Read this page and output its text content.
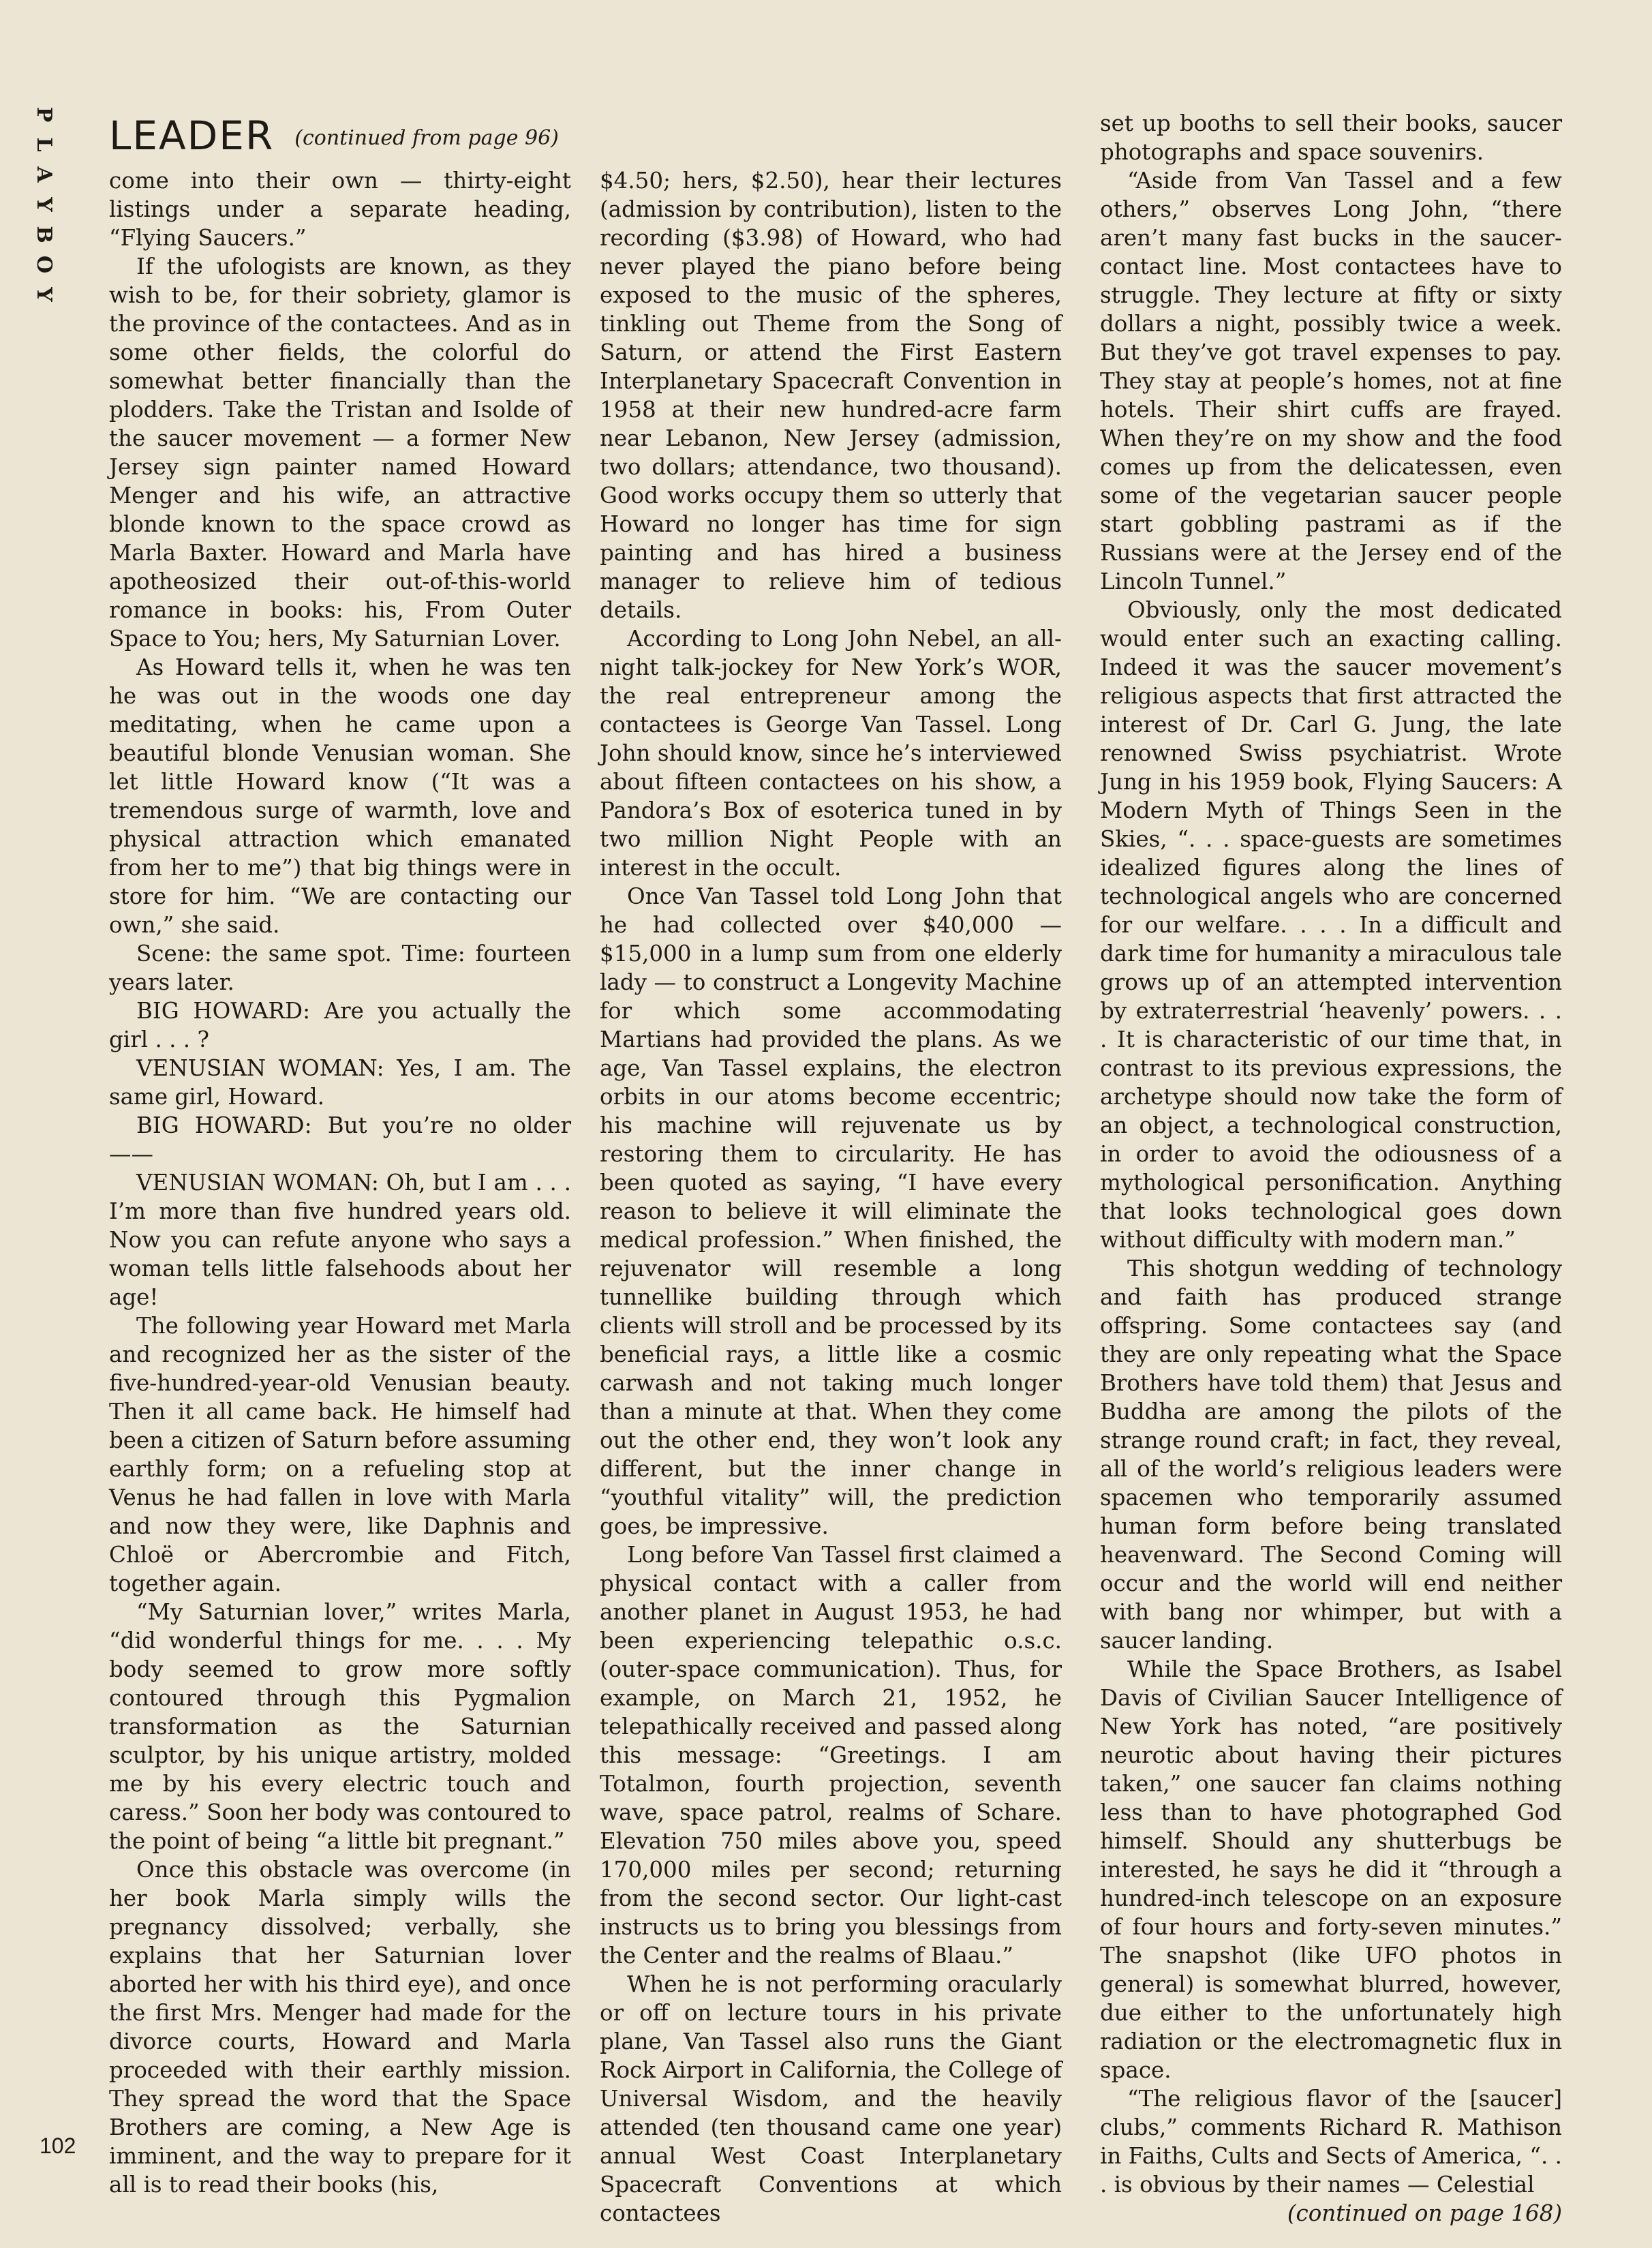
P
L
A
Y
B
O
Y
LEADER (continued from page 96)

come into their own — thirty-eight listings under a separate heading, “Flying Saucers.”

If the ufologists are known, as they wish to be, for their sobriety, glamor is the province of the contactees. And as in some other fields, the colorful do somewhat better financially than the plodders. Take the Tristan and Isolde of the saucer movement — a former New Jersey sign painter named Howard Menger and his wife, an attractive blonde known to the space crowd as Marla Baxter. Howard and Marla have apotheosized their out-of-this-world romance in books: his, From Outer Space to You; hers, My Saturnian Lover.

As Howard tells it, when he was ten he was out in the woods one day meditating, when he came upon a beautiful blonde Venusian woman. She let little Howard know (“It was a tremendous surge of warmth, love and physical attraction which emanated from her to me”) that big things were in store for him. “We are contacting our own,” she said.

Scene: the same spot. Time: fourteen years later.

BIG HOWARD: Are you actually the girl . . . ?

VENUSIAN WOMAN: Yes, I am. The same girl, Howard.

BIG HOWARD: But you’re no older ——

VENUSIAN WOMAN: Oh, but I am . . . I’m more than five hundred years old. Now you can refute anyone who says a woman tells little falsehoods about her age!

The following year Howard met Marla and recognized her as the sister of the five-hundred-year-old Venusian beauty. Then it all came back. He himself had been a citizen of Saturn before assuming earthly form; on a refueling stop at Venus he had fallen in love with Marla and now they were, like Daphnis and Chloë or Abercrombie and Fitch, together again.

“My Saturnian lover,” writes Marla, “did wonderful things for me. . . . My body seemed to grow more softly contoured through this Pygmalion transformation as the Saturnian sculptor, by his unique artistry, molded me by his every electric touch and caress.” Soon her body was contoured to the point of being “a little bit pregnant.”

Once this obstacle was overcome (in her book Marla simply wills the pregnancy dissolved; verbally, she explains that her Saturnian lover aborted her with his third eye), and once the first Mrs. Menger had made for the divorce courts, Howard and Marla proceeded with their earthly mission. They spread the word that the Space Brothers are coming, a New Age is imminent, and the way to prepare for it all is to read their books (his,

$4.50; hers, $2.50), hear their lectures (admission by contribution), listen to the recording ($3.98) of Howard, who had never played the piano before being exposed to the music of the spheres, tinkling out Theme from the Song of Saturn, or attend the First Eastern Interplanetary Spacecraft Convention in 1958 at their new hundred-acre farm near Lebanon, New Jersey (admission, two dollars; attendance, two thousand). Good works occupy them so utterly that Howard no longer has time for sign painting and has hired a business manager to relieve him of tedious details.

According to Long John Nebel, an all-night talk-jockey for New York’s WOR, the real entrepreneur among the contactees is George Van Tassel. Long John should know, since he’s interviewed about fifteen contactees on his show, a Pandora’s Box of esoterica tuned in by two million Night People with an interest in the occult.

Once Van Tassel told Long John that he had collected over $40,000 — $15,000 in a lump sum from one elderly lady — to construct a Longevity Machine for which some accommodating Martians had provided the plans. As we age, Van Tassel explains, the electron orbits in our atoms become eccentric; his machine will rejuvenate us by restoring them to circularity. He has been quoted as saying, “I have every reason to believe it will eliminate the medical profession.” When finished, the rejuvenator will resemble a long tunnellike building through which clients will stroll and be processed by its beneficial rays, a little like a cosmic carwash and not taking much longer than a minute at that. When they come out the other end, they won’t look any different, but the inner change in “youthful vitality” will, the prediction goes, be impressive.

Long before Van Tassel first claimed a physical contact with a caller from another planet in August 1953, he had been experiencing telepathic o.s.c. (outer-space communication). Thus, for example, on March 21, 1952, he telepathically received and passed along this message: “Greetings. I am Totalmon, fourth projection, seventh wave, space patrol, realms of Schare. Elevation 750 miles above you, speed 170,000 miles per second; returning from the second sector. Our light-cast instructs us to bring you blessings from the Center and the realms of Blaau.”

When he is not performing oracularly or off on lecture tours in his private plane, Van Tassel also runs the Giant Rock Airport in California, the College of Universal Wisdom, and the heavily attended (ten thousand came one year) annual West Coast Interplanetary Spacecraft Conventions at which contactees

set up booths to sell their books, saucer photographs and space souvenirs.

“Aside from Van Tassel and a few others,” observes Long John, “there aren’t many fast bucks in the saucer-contact line. Most contactees have to struggle. They lecture at fifty or sixty dollars a night, possibly twice a week. But they’ve got travel expenses to pay. They stay at people’s homes, not at fine hotels. Their shirt cuffs are frayed. When they’re on my show and the food comes up from the delicatessen, even some of the vegetarian saucer people start gobbling pastrami as if the Russians were at the Jersey end of the Lincoln Tunnel.”

Obviously, only the most dedicated would enter such an exacting calling. Indeed it was the saucer movement’s religious aspects that first attracted the interest of Dr. Carl G. Jung, the late renowned Swiss psychiatrist. Wrote Jung in his 1959 book, Flying Saucers: A Modern Myth of Things Seen in the Skies, “. . . space-guests are sometimes idealized figures along the lines of technological angels who are concerned for our welfare. . . . In a difficult and dark time for humanity a miraculous tale grows up of an attempted intervention by extraterrestrial ‘heavenly’ powers. . . . It is characteristic of our time that, in contrast to its previous expressions, the archetype should now take the form of an object, a technological construction, in order to avoid the odiousness of a mythological personification. Anything that looks technological goes down without difficulty with modern man.”

This shotgun wedding of technology and faith has produced strange offspring. Some contactees say (and they are only repeating what the Space Brothers have told them) that Jesus and Buddha are among the pilots of the strange round craft; in fact, they reveal, all of the world’s religious leaders were spacemen who temporarily assumed human form before being translated heavenward. The Second Coming will occur and the world will end neither with bang nor whimper, but with a saucer landing.

While the Space Brothers, as Isabel Davis of Civilian Saucer Intelligence of New York has noted, “are positively neurotic about having their pictures taken,” one saucer fan claims nothing less than to have photographed God himself. Should any shutterbugs be interested, he says he did it “through a hundred-inch telescope on an exposure of four hours and forty-seven minutes.” The snapshot (like UFO photos in general) is somewhat blurred, however, due either to the unfortunately high radiation or the electromagnetic flux in space.

“The religious flavor of the [saucer] clubs,” comments Richard R. Mathison in Faiths, Cults and Sects of America, “. . . is obvious by their names — Celestial

(continued on page 168)

102
